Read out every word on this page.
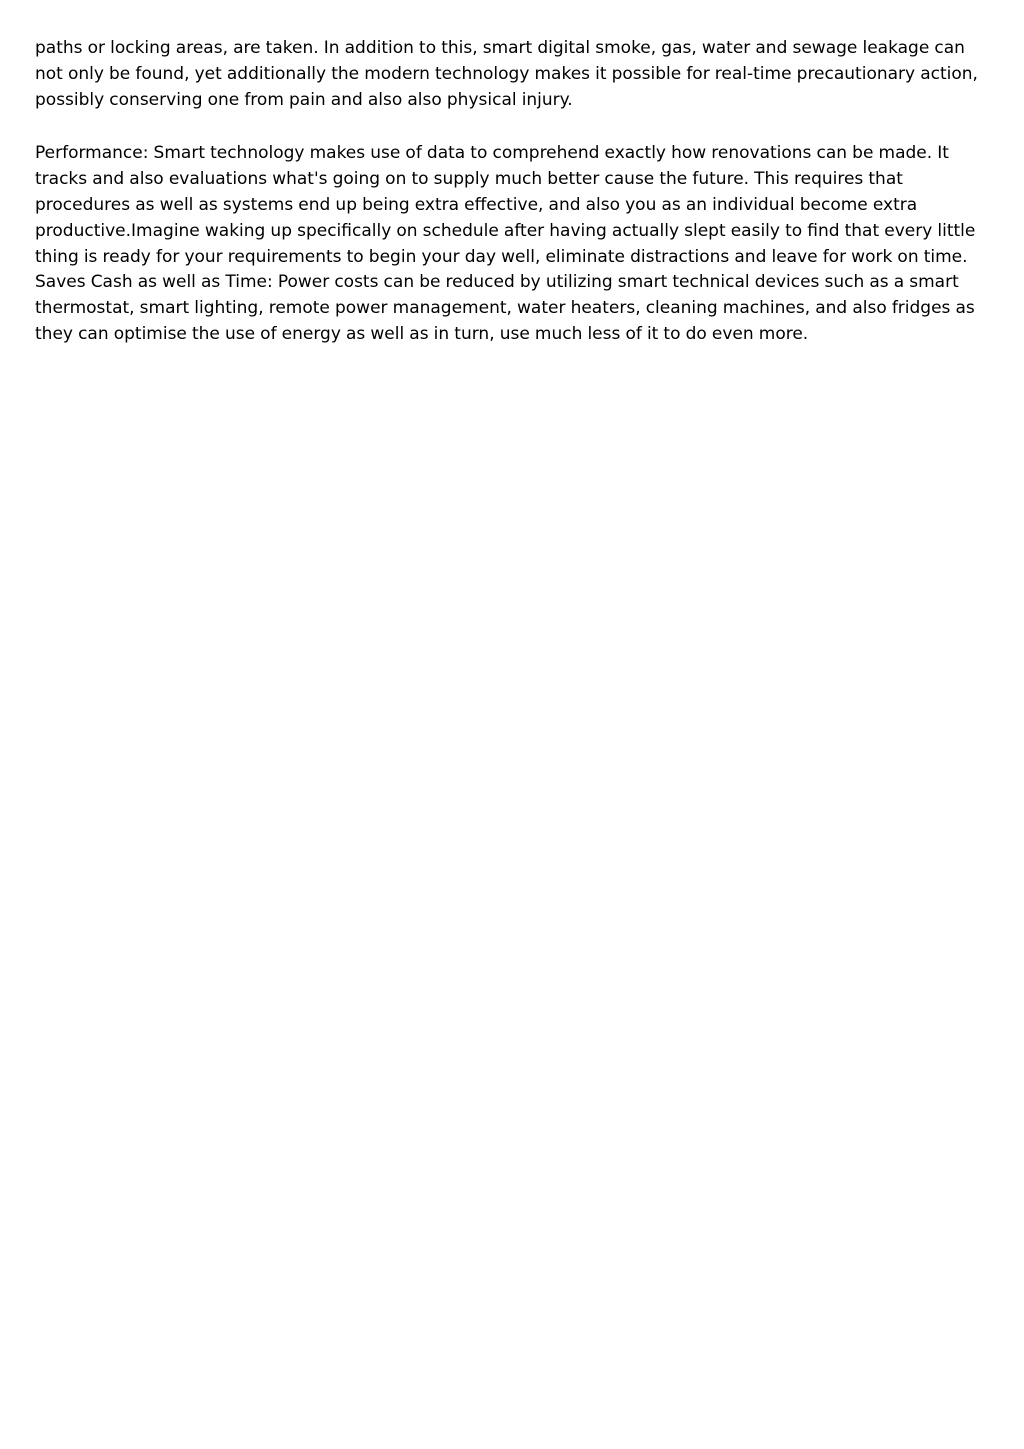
paths or locking areas, are taken. In addition to this, smart digital smoke, gas, water and sewage leakage can not only be found, yet additionally the modern technology makes it possible for real-time precautionary action, possibly conserving one from pain and also also physical injury.

Performance: Smart technology makes use of data to comprehend exactly how renovations can be made. It tracks and also evaluations what's going on to supply much better cause the future. This requires that procedures as well as systems end up being extra effective, and also you as an individual become extra productive.Imagine waking up specifically on schedule after having actually slept easily to find that every little thing is ready for your requirements to begin your day well, eliminate distractions and leave for work on time. Saves Cash as well as Time: Power costs can be reduced by utilizing smart technical devices such as a smart thermostat, smart lighting, remote power management, water heaters, cleaning machines, and also fridges as they can optimise the use of energy as well as in turn, use much less of it to do even more.
